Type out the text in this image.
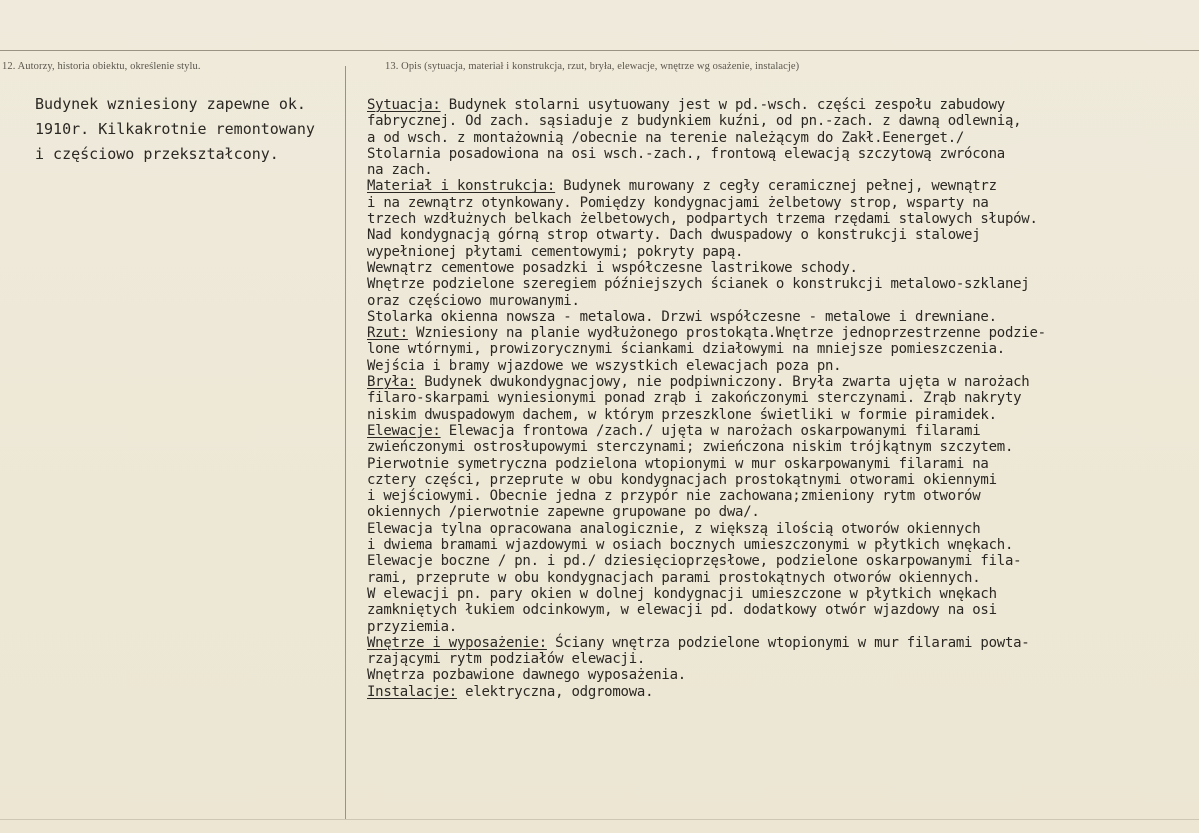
12. Autorzy, historia obiektu, określenie stylu.	13. Opis (sytuacja, materiał i konstrukcja, rzut, bryła, elewacje, wnętrze wg osażenie, instalacje)
Budynek wzniesiony zapewne ok.
1910r. Kilkakrotnie remontowany
i częściowo przekształcony.
Sytuacja: Budynek stolarni usytuowany jest w pd.-wsch. części zespołu zabudowy
fabrycznej. Od zach. sąsiaduje z budynkiem kuźni, od pn.-zach. z dawną odlewnią,
a od wsch. z montażownią /obecnie na terenie należącym do Zakł.Eenerget./
Stolarnia posadowiona na osi wsch.-zach., frontową elewacją szczytową zwrócona
na zach.
Materiał i konstrukcja: Budynek murowany z cegły ceramicznej pełnej, wewnątrz
i na zewnątrz otynkowany. Pomiędzy kondygnacjami żelbetowy strop, wsparty na
trzech wzdłużnych belkach żelbetowych, podpartych trzema rzędami stalowych słupów.
Nad kondygnacją górną strop otwarty. Dach dwuspadowy o konstrukcji stalowej
wypełnionej płytami cementowymi; pokryty papą.
Wewnątrz cementowe posadzki i współczesne lastrikowe schody.
Wnętrze podzielone szeregiem późniejszych ścianek o konstrukcji metalowo-szklanej
oraz częściowo murowanymi.
Stolarka okienna nowsza - metalowa. Drzwi współczesne - metalowe i drewniane.
Rzut: Wzniesiony na planie wydłużonego prostokąta.Wnętrze jednoprzestrzenne podzie-
lone wtórnymi, prowizorycznymi ściankami działowymi na mniejsze pomieszczenia.
Wejścia i bramy wjazdowe we wszystkich elewacjach poza pn.
Bryła: Budynek dwukondygnacjowy, nie podpiwniczony. Bryła zwarta ujęta w narożach
filaro-skarpami wyniesionymi ponad zrąb i zakończonymi sterczynami. Zrąb nakryty
niskim dwuspadowym dachem, w którym przeszklone świetliki w formie piramidek.
Elewacje: Elewacja frontowa /zach./ ujęta w narożach oskarpowanymi filarami
zwieńczonymi ostrosłupowymi sterczynami; zwieńczona niskim trójkątnym szczytem.
Pierwotnie symetryczna podzielona wtopionymi w mur oskarpowanymi filarami na
cztery części, przeprute w obu kondygnacjach prostokątnymi otworami okiennymi
i wejściowymi. Obecnie jedna z przypór nie zachowana;zmieniony rytm otworów
okiennych /pierwotnie zapewne grupowane po dwa/.
Elewacja tylna opracowana analogicznie, z większą ilością otworów okiennych
i dwiema bramami wjazdowymi w osiach bocznych umieszczonymi w płytkich wnękach.
Elewacje boczne / pn. i pd./ dziesięcioprzęsłowe, podzielone oskarpowanymi fila-
rami, przeprute w obu kondygnacjach parami prostokątnych otworów okiennych.
W elewacji pn. pary okien w dolnej kondygnacji umieszczone w płytkich wnękach
zamkniętych łukiem odcinkowym, w elewacji pd. dodatkowy otwór wjazdowy na osi
przyziemia.
Wnętrze i wyposażenie: Ściany wnętrza podzielone wtopionymi w mur filarami powta-
rzającymi rytm podziałów elewacji.
Wnętrza pozbawione dawnego wyposażenia.
Instalacje: elektryczna, odgromowa.
